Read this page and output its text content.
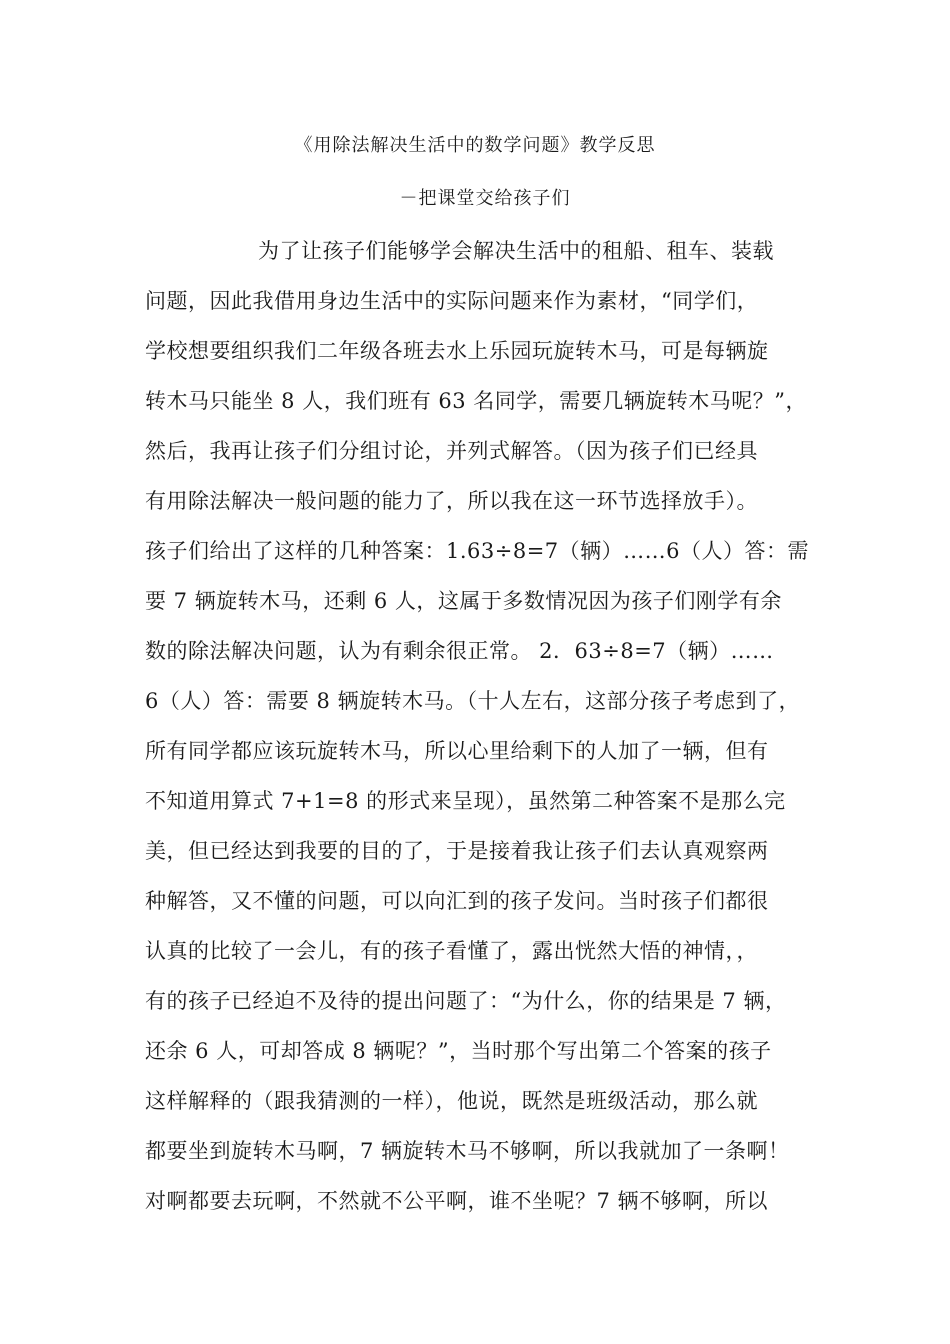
《用除法解决生活中的数学问题》教学反思
－把课堂交给孩子们
为了让孩子们能够学会解决生活中的租船、租车、装载
问题，因此我借用身边生活中的实际问题来作为素材，“同学们，
学校想要组织我们二年级各班去水上乐园玩旋转木马，可是每辆旋
转木马只能坐 8 人，我们班有 63 名同学，需要几辆旋转木马呢？”，
然后，我再让孩子们分组讨论，并列式解答。（因为孩子们已经具
有用除法解决一般问题的能力了，所以我在这一环节选择放手）。
孩子们给出了这样的几种答案：1.63÷8=7（辆）……6（人）答：需
要 7 辆旋转木马，还剩 6 人，这属于多数情况因为孩子们刚学有余
数的除法解决问题，认为有剩余很正常。 2．63÷8=7（辆）……
6（人）答：需要 8 辆旋转木马。（十人左右，这部分孩子考虑到了，
所有同学都应该玩旋转木马，所以心里给剩下的人加了一辆，但有
不知道用算式 7+1=8 的形式来呈现），虽然第二种答案不是那么完
美，但已经达到我要的目的了，于是接着我让孩子们去认真观察两
种解答，又不懂的问题，可以向汇到的孩子发问。当时孩子们都很
认真的比较了一会儿，有的孩子看懂了，露出恍然大悟的神情，，
有的孩子已经迫不及待的提出问题了：“为什么，你的结果是 7 辆，
还余 6 人，可却答成 8 辆呢？”，当时那个写出第二个答案的孩子
这样解释的（跟我猜测的一样），他说，既然是班级活动，那么就
都要坐到旋转木马啊，7 辆旋转木马不够啊，所以我就加了一条啊！
对啊都要去玩啊，不然就不公平啊，谁不坐呢？7 辆不够啊，所以
